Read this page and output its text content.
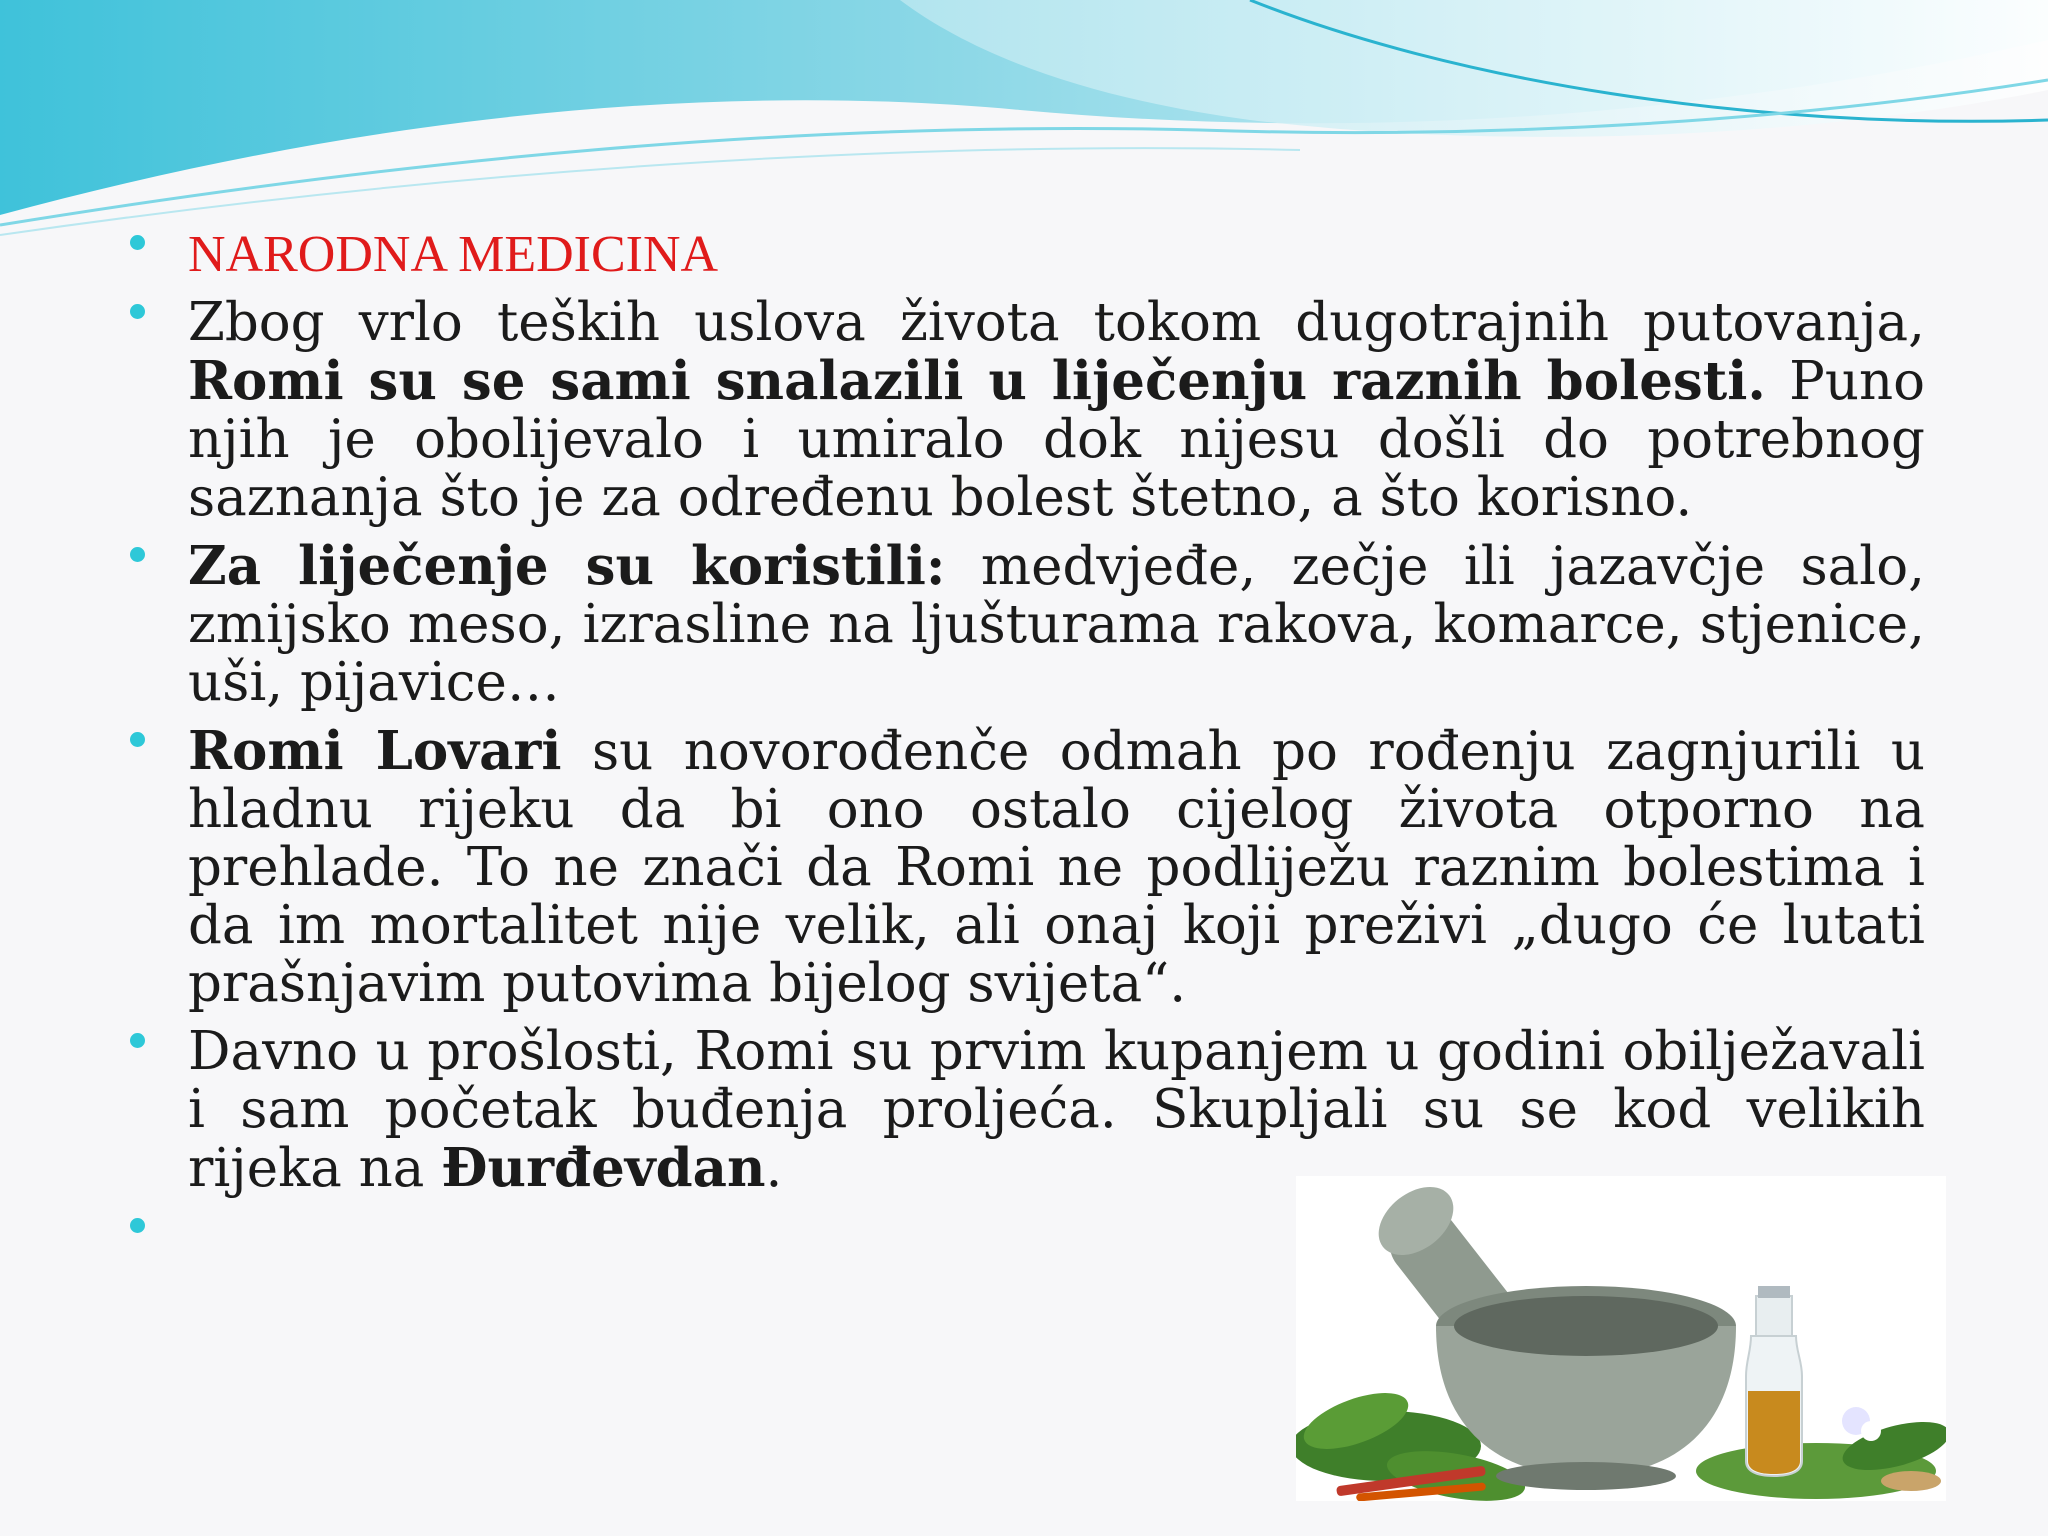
NARODNA MEDICINA
Zbog vrlo teških uslova života tokom dugotrajnih putovanja, Romi su se sami snalazili u liječenju raznih bolesti. Puno njih je obolijevalo i umiralo dok nijesu došli do potrebnog saznanja što je za određenu bolest štetno, a što korisno.
Za liječenje su koristili: medvjeđe, zečje ili jazavčje salo, zmijsko meso, izrasline na ljušturama rakova, komarce, stjenice, uši, pijavice…
Romi Lovari su novorođenče odmah po rođenju zagnjurili u hladnu rijeku da bi ono ostalo cijelog života otporno na prehlade. To ne znači da Romi ne podliježu raznim bolestima i da im mortalitet nije velik, ali onaj koji preživi „dugo će lutati prašnjavim putovima bijelog svijeta“.
Davno u prošlosti, Romi su prvim kupanjem u godini obilježavali i sam početak buđenja proljeća. Skupljali su se kod velikih rijeka na Đurđevdan.
